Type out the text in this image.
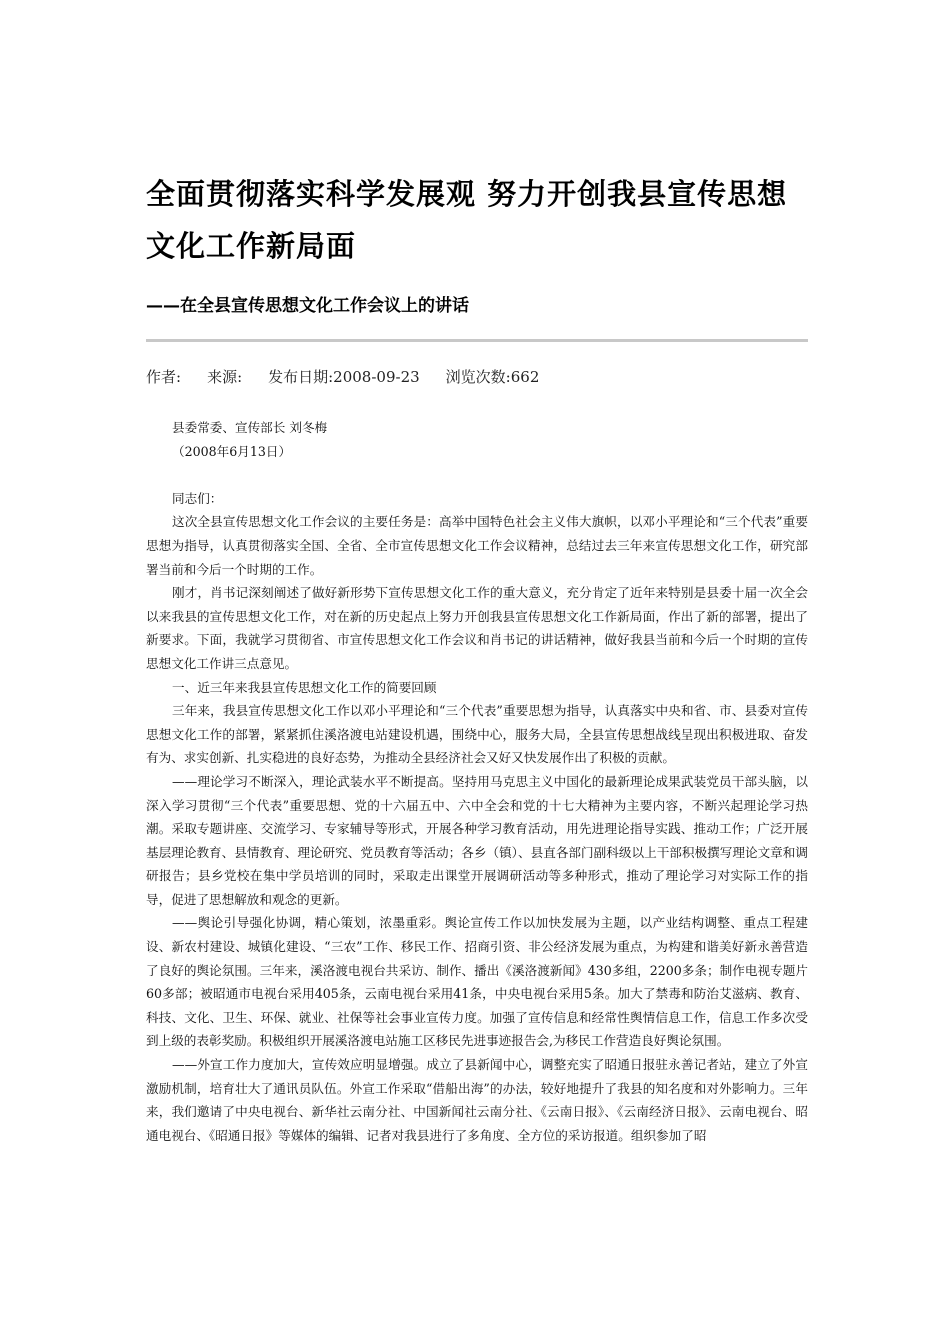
全面贯彻落实科学发展观 努力开创我县宣传思想文化工作新局面
——在全县宣传思想文化工作会议上的讲话
作者: 来源: 发布日期:2008-09-23 浏览次数:662

县委常委、宣传部长 刘冬梅

（2008年6月13日）

同志们：

这次全县宣传思想文化工作会议的主要任务是：高举中国特色社会主义伟大旗帜，以邓小平理论和“三个代表”重要思想为指导，认真贯彻落实全国、全省、全市宣传思想文化工作会议精神，总结过去三年来宣传思想文化工作，研究部署当前和今后一个时期的工作。

刚才，肖书记深刻阐述了做好新形势下宣传思想文化工作的重大意义，充分肯定了近年来特别是县委十届一次全会以来我县的宣传思想文化工作，对在新的历史起点上努力开创我县宣传思想文化工作新局面，作出了新的部署，提出了新要求。下面，我就学习贯彻省、市宣传思想文化工作会议和肖书记的讲话精神，做好我县当前和今后一个时期的宣传思想文化工作讲三点意见。

一、近三年来我县宣传思想文化工作的简要回顾

三年来，我县宣传思想文化工作以邓小平理论和“三个代表”重要思想为指导，认真落实中央和省、市、县委对宣传思想文化工作的部署，紧紧抓住溪洛渡电站建设机遇，围绕中心，服务大局，全县宣传思想战线呈现出积极进取、奋发有为、求实创新、扎实稳进的良好态势，为推动全县经济社会又好又快发展作出了积极的贡献。

——理论学习不断深入，理论武装水平不断提高。坚持用马克思主义中国化的最新理论成果武装党员干部头脑，以深入学习贯彻“三个代表”重要思想、党的十六届五中、六中全会和党的十七大精神为主要内容，不断兴起理论学习热潮。采取专题讲座、交流学习、专家辅导等形式，开展各种学习教育活动，用先进理论指导实践、推动工作；广泛开展基层理论教育、县情教育、理论研究、党员教育等活动；各乡（镇）、县直各部门副科级以上干部积极撰写理论文章和调研报告；县乡党校在集中学员培训的同时，采取走出课堂开展调研活动等多种形式，推动了理论学习对实际工作的指导，促进了思想解放和观念的更新。

——舆论引导强化协调，精心策划，浓墨重彩。舆论宣传工作以加快发展为主题，以产业结构调整、重点工程建设、新农村建设、城镇化建设、“三农”工作、移民工作、招商引资、非公经济发展为重点，为构建和谐美好新永善营造了良好的舆论氛围。三年来，溪洛渡电视台共采访、制作、播出《溪洛渡新闻》430多组，2200多条；制作电视专题片60多部；被昭通市电视台采用405条，云南电视台采用41条，中央电视台采用5条。加大了禁毒和防治艾滋病、教育、科技、文化、卫生、环保、就业、社保等社会事业宣传力度。加强了宣传信息和经常性舆情信息工作，信息工作多次受到上级的表彰奖励。积极组织开展溪洛渡电站施工区移民先进事迹报告会,为移民工作营造良好舆论氛围。

——外宣工作力度加大，宣传效应明显增强。成立了县新闻中心，调整充实了昭通日报驻永善记者站，建立了外宣激励机制，培育壮大了通讯员队伍。外宣工作采取“借船出海”的办法，较好地提升了我县的知名度和对外影响力。三年来，我们邀请了中央电视台、新华社云南分社、中国新闻社云南分社、《云南日报》、《云南经济日报》、云南电视台、昭通电视台、《昭通日报》等媒体的编辑、记者对我县进行了多角度、全方位的采访报道。组织参加了昭
